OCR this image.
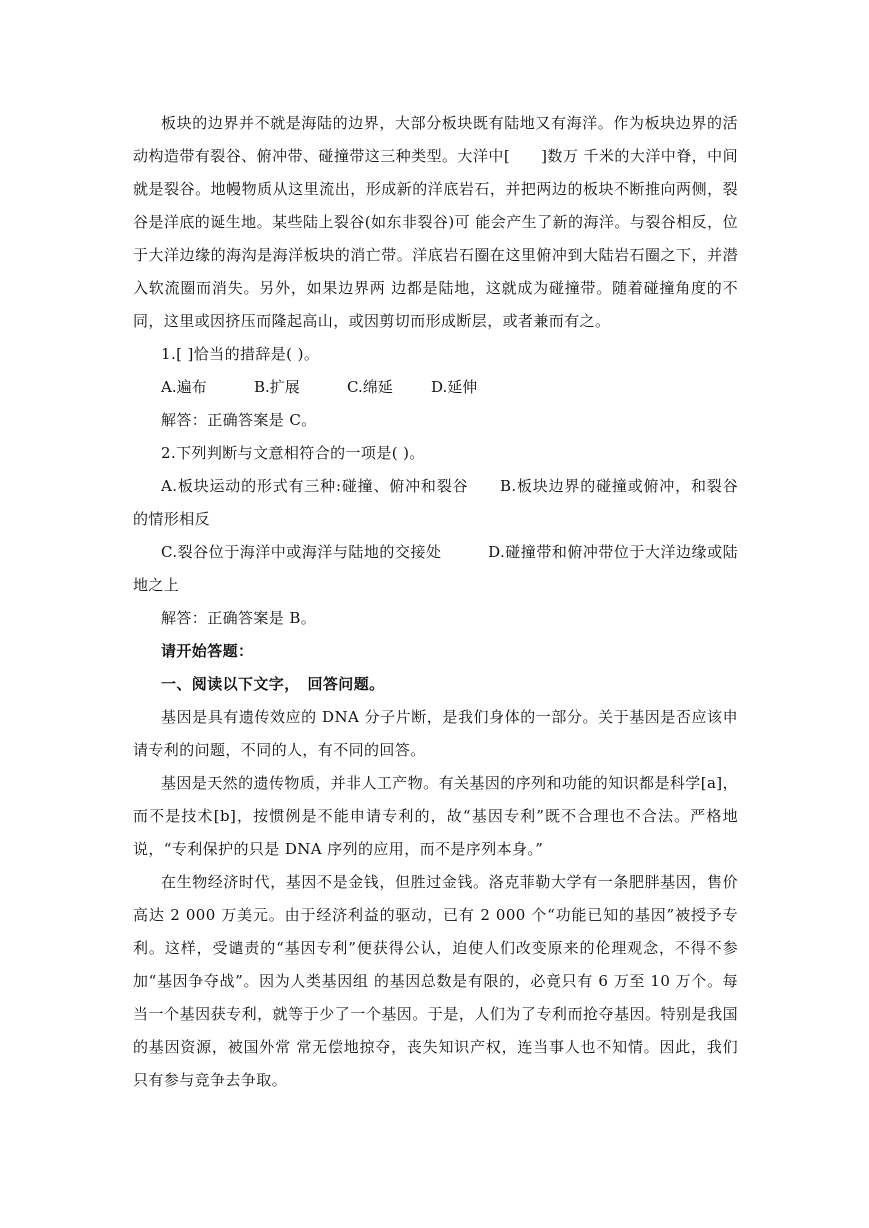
板块的边界并不就是海陆的边界，大部分板块既有陆地又有海洋。作为板块边界的活动构造带有裂谷、俯冲带、碰撞带这三种类型。大洋中[　　]数万 千米的大洋中脊，中间就是裂谷。地幔物质从这里流出，形成新的洋底岩石，并把两边的板块不断推向两侧，裂谷是洋底的诞生地。某些陆上裂谷(如东非裂谷)可 能会产生了新的海洋。与裂谷相反，位于大洋边缘的海沟是海洋板块的消亡带。洋底岩石圈在这里俯冲到大陆岩石圈之下，并潜入软流圈而消失。另外，如果边界两 边都是陆地，这就成为碰撞带。随着碰撞角度的不同，这里或因挤压而隆起高山，或因剪切而形成断层，或者兼而有之。

1.[ ]恰当的措辞是( )。

A.遍布	B.扩展	C.绵延	D.延伸

解答：正确答案是 C。

2.下列判断与文意相符合的一项是( )。

A.板块运动的形式有三种:碰撞、俯冲和裂谷　　B.板块边界的碰撞或俯冲，和裂谷的情形相反

C.裂谷位于海洋中或海洋与陆地的交接处　　　D.碰撞带和俯冲带位于大洋边缘或陆地之上

解答：正确答案是 B。

请开始答题：

一、阅读以下文字，　回答问题。

基因是具有遗传效应的 DNA 分子片断，是我们身体的一部分。关于基因是否应该申请专利的问题，不同的人，有不同的回答。

基因是天然的遗传物质，并非人工产物。有关基因的序列和功能的知识都是科学[a]，而不是技术[b]，按惯例是不能申请专利的，故“基因专利”既不合理也不合法。严格地说，“专利保护的只是 DNA 序列的应用，而不是序列本身。”

在生物经济时代，基因不是金钱，但胜过金钱。洛克菲勒大学有一条肥胖基因，售价高达 2 000 万美元。由于经济利益的驱动，已有 2 000 个“功能已知的基因”被授予专利。这样，受谴责的“基因专利”便获得公认，迫使人们改变原来的伦理观念，不得不参加“基因争夺战”。因为人类基因组 的基因总数是有限的，必竟只有 6 万至 10 万个。每当一个基因获专利，就等于少了一个基因。于是，人们为了专利而抢夺基因。特别是我国的基因资源，被国外常 常无偿地掠夺，丧失知识产权，连当事人也不知情。因此，我们只有参与竞争去争取。
